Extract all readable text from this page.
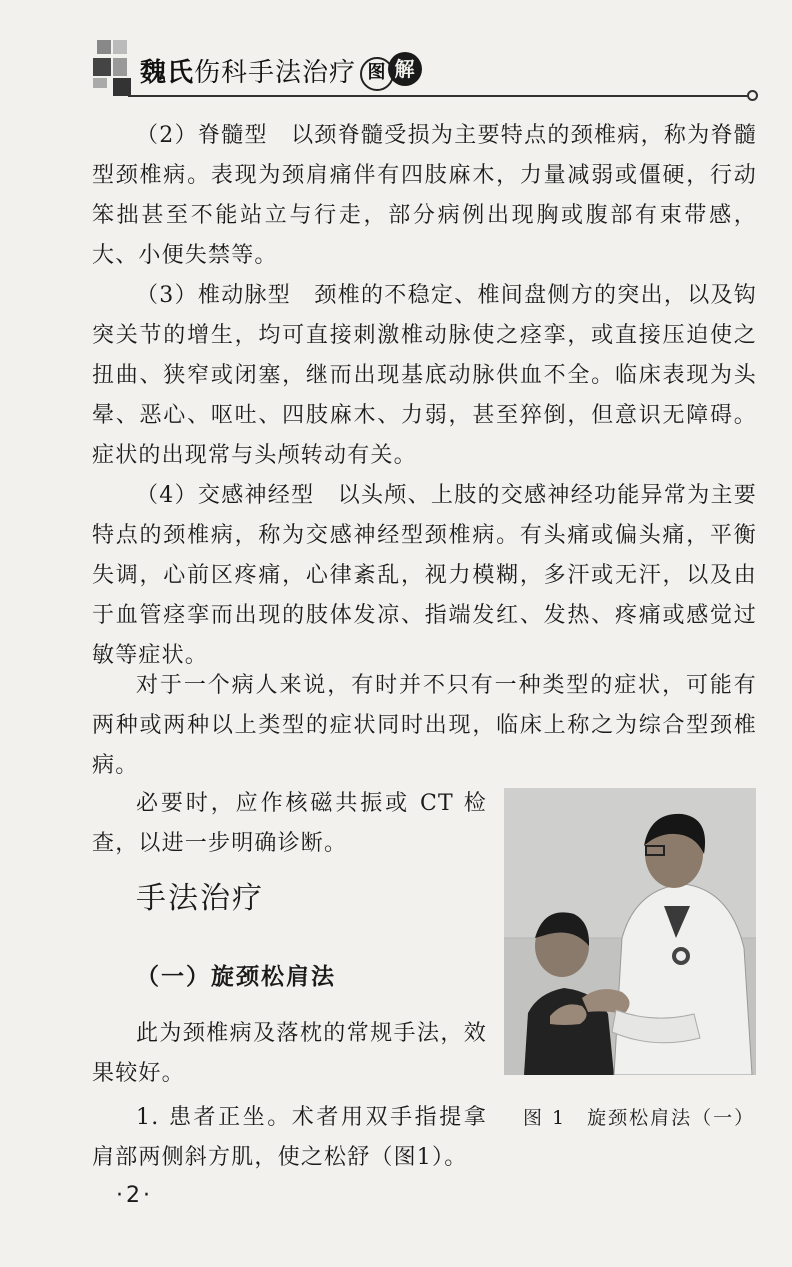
魏氏伤科手法治疗 图 解

（2）脊髓型　以颈脊髓受损为主要特点的颈椎病，称为脊髓型颈椎病。表现为颈肩痛伴有四肢麻木，力量减弱或僵硬，行动笨拙甚至不能站立与行走，部分病例出现胸或腹部有束带感，大、小便失禁等。

（3）椎动脉型　颈椎的不稳定、椎间盘侧方的突出，以及钩突关节的增生，均可直接刺激椎动脉使之痉挛，或直接压迫使之扭曲、狭窄或闭塞，继而出现基底动脉供血不全。临床表现为头晕、恶心、呕吐、四肢麻木、力弱，甚至猝倒，但意识无障碍。症状的出现常与头颅转动有关。

（4）交感神经型　以头颅、上肢的交感神经功能异常为主要特点的颈椎病，称为交感神经型颈椎病。有头痛或偏头痛，平衡失调，心前区疼痛，心律紊乱，视力模糊，多汗或无汗，以及由于血管痉挛而出现的肢体发凉、指端发红、发热、疼痛或感觉过敏等症状。

对于一个病人来说，有时并不只有一种类型的症状，可能有两种或两种以上类型的症状同时出现，临床上称之为综合型颈椎病。

必要时，应作核磁共振或 CT 检查，以进一步明确诊断。

手法治疗
（一）旋颈松肩法

此为颈椎病及落枕的常规手法，效果较好。

1. 患者正坐。术者用双手指提拿肩部两侧斜方肌，使之松舒（图1）。

图 1　旋颈松肩法（一）
·2·
